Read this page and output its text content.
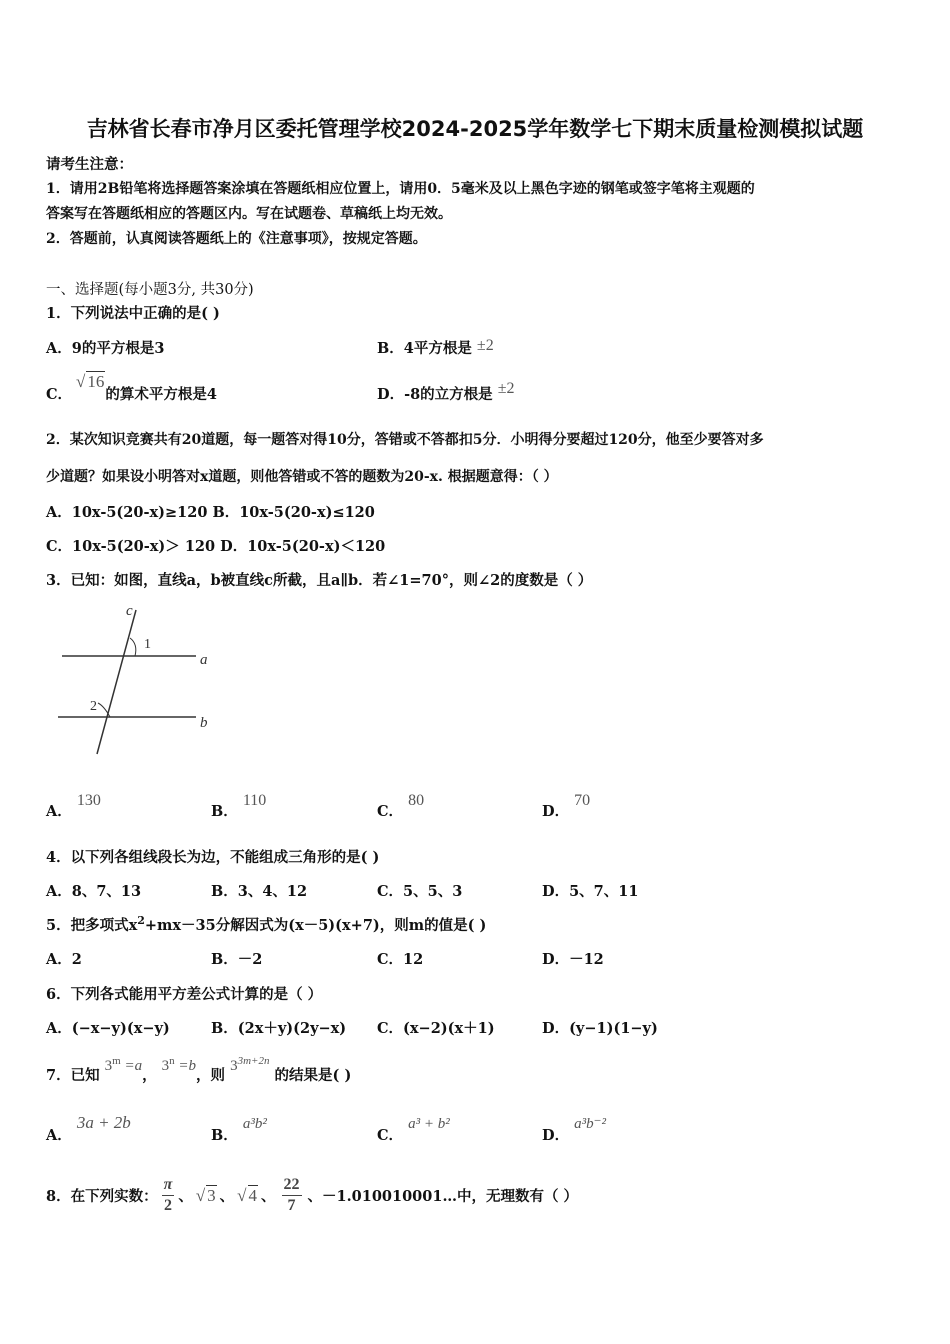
吉林省长春市净月区委托管理学校2024-2025学年数学七下期末质量检测模拟试题
请考生注意：
1．请用2B铅笔将选择题答案涂填在答题纸相应位置上，请用0．5毫米及以上黑色字迹的钢笔或签字笔将主观题的
答案写在答题纸相应的答题区内。写在试题卷、草稿纸上均无效。
2．答题前，认真阅读答题纸上的《注意事项》，按规定答题。
一、选择题(每小题3分, 共30分)
1．下列说法中正确的是( )
A．9的平方根是3	B．4平方根是 ±2
C．√ 16的算术平方根是4	D．-8的立方根是 ±2
2．某次知识竞赛共有20道题，每一题答对得10分，答错或不答都扣5分．小明得分要超过120分，他至少要答对多
少道题？如果设小明答对x道题，则他答错或不答的题数为20-x. 根据题意得：（ ）
A．10x-5(20-x)≥120 B．10x-5(20-x)≤120
C．10x-5(20-x)＞ 120 D．10x-5(20-x)＜120
3．已知：如图，直线a，b被直线c所截，且a∥b．若∠1=70°，则∠2的度数是（ ）
c
1
a
2
b
A． 130
B． 110
C． 80
D． 70
4．以下列各组线段长为边，不能组成三角形的是( )
A．8、7、13	B．3、4、12	C．5、5、3	D．5、7、11
5．把多项式$x^2+mx-35$分解因式为(x－5)(x+7)，则m的值是( )
A．2	B．－2	C．12	D．－12
6．下列各式能用平方差公式计算的是（ ）
A．(−x−y)(x−y)	B．(2x＋y)(2y−x) C．(x−2)(x＋1)	D．(y−1)(1−y)
7．已知 $3^m =a$， $3^n =b$，则 $3^{3m+2n}$ 的结果是( )
A． 3a + 2b
B． a³b²
C． a³ + b²
D． a³b⁻²
8．在下列实数： $\frac{\pi}{2}$ 、 √ 3 、 √ 4 、 $\frac{22}{7}$ 、－1.010010001…中，无理数有（ ）
